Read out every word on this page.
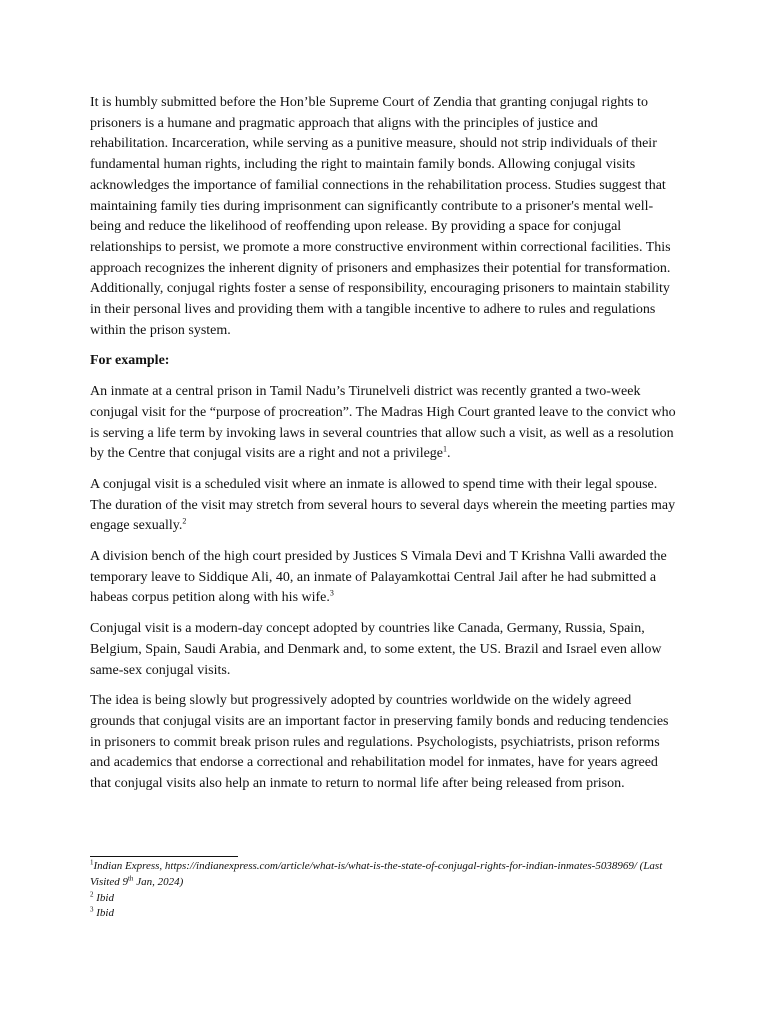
It is humbly submitted before the Hon’ble Supreme Court of Zendia that granting conjugal rights to prisoners is a humane and pragmatic approach that aligns with the principles of justice and rehabilitation. Incarceration, while serving as a punitive measure, should not strip individuals of their fundamental human rights, including the right to maintain family bonds. Allowing conjugal visits acknowledges the importance of familial connections in the rehabilitation process. Studies suggest that maintaining family ties during imprisonment can significantly contribute to a prisoner's mental well-being and reduce the likelihood of reoffending upon release. By providing a space for conjugal relationships to persist, we promote a more constructive environment within correctional facilities. This approach recognizes the inherent dignity of prisoners and emphasizes their potential for transformation. Additionally, conjugal rights foster a sense of responsibility, encouraging prisoners to maintain stability in their personal lives and providing them with a tangible incentive to adhere to rules and regulations within the prison system.

For example:

An inmate at a central prison in Tamil Nadu’s Tirunelveli district was recently granted a two-week conjugal visit for the “purpose of procreation”. The Madras High Court granted leave to the convict who is serving a life term by invoking laws in several countries that allow such a visit, as well as a resolution by the Centre that conjugal visits are a right and not a privilege$^1$.

A conjugal visit is a scheduled visit where an inmate is allowed to spend time with their legal spouse. The duration of the visit may stretch from several hours to several days wherein the meeting parties may engage sexually.$^2$

A division bench of the high court presided by Justices S Vimala Devi and T Krishna Valli awarded the temporary leave to Siddique Ali, 40, an inmate of Palayamkottai Central Jail after he had submitted a habeas corpus petition along with his wife.$^3$

Conjugal visit is a modern-day concept adopted by countries like Canada, Germany, Russia, Spain, Belgium, Spain, Saudi Arabia, and Denmark and, to some extent, the US. Brazil and Israel even allow same-sex conjugal visits.

The idea is being slowly but progressively adopted by countries worldwide on the widely agreed grounds that conjugal visits are an important factor in preserving family bonds and reducing tendencies in prisoners to commit break prison rules and regulations. Psychologists, psychiatrists, prison reforms and academics that endorse a correctional and rehabilitation model for inmates, have for years agreed that conjugal visits also help an inmate to return to normal life after being released from prison.

$^1$Indian Express, https://indianexpress.com/article/what-is/what-is-the-state-of-conjugal-rights-for-indian-inmates-5038969/ (Last Visited 9th Jan, 2024)

$^2$ Ibid

$^3$ Ibid
